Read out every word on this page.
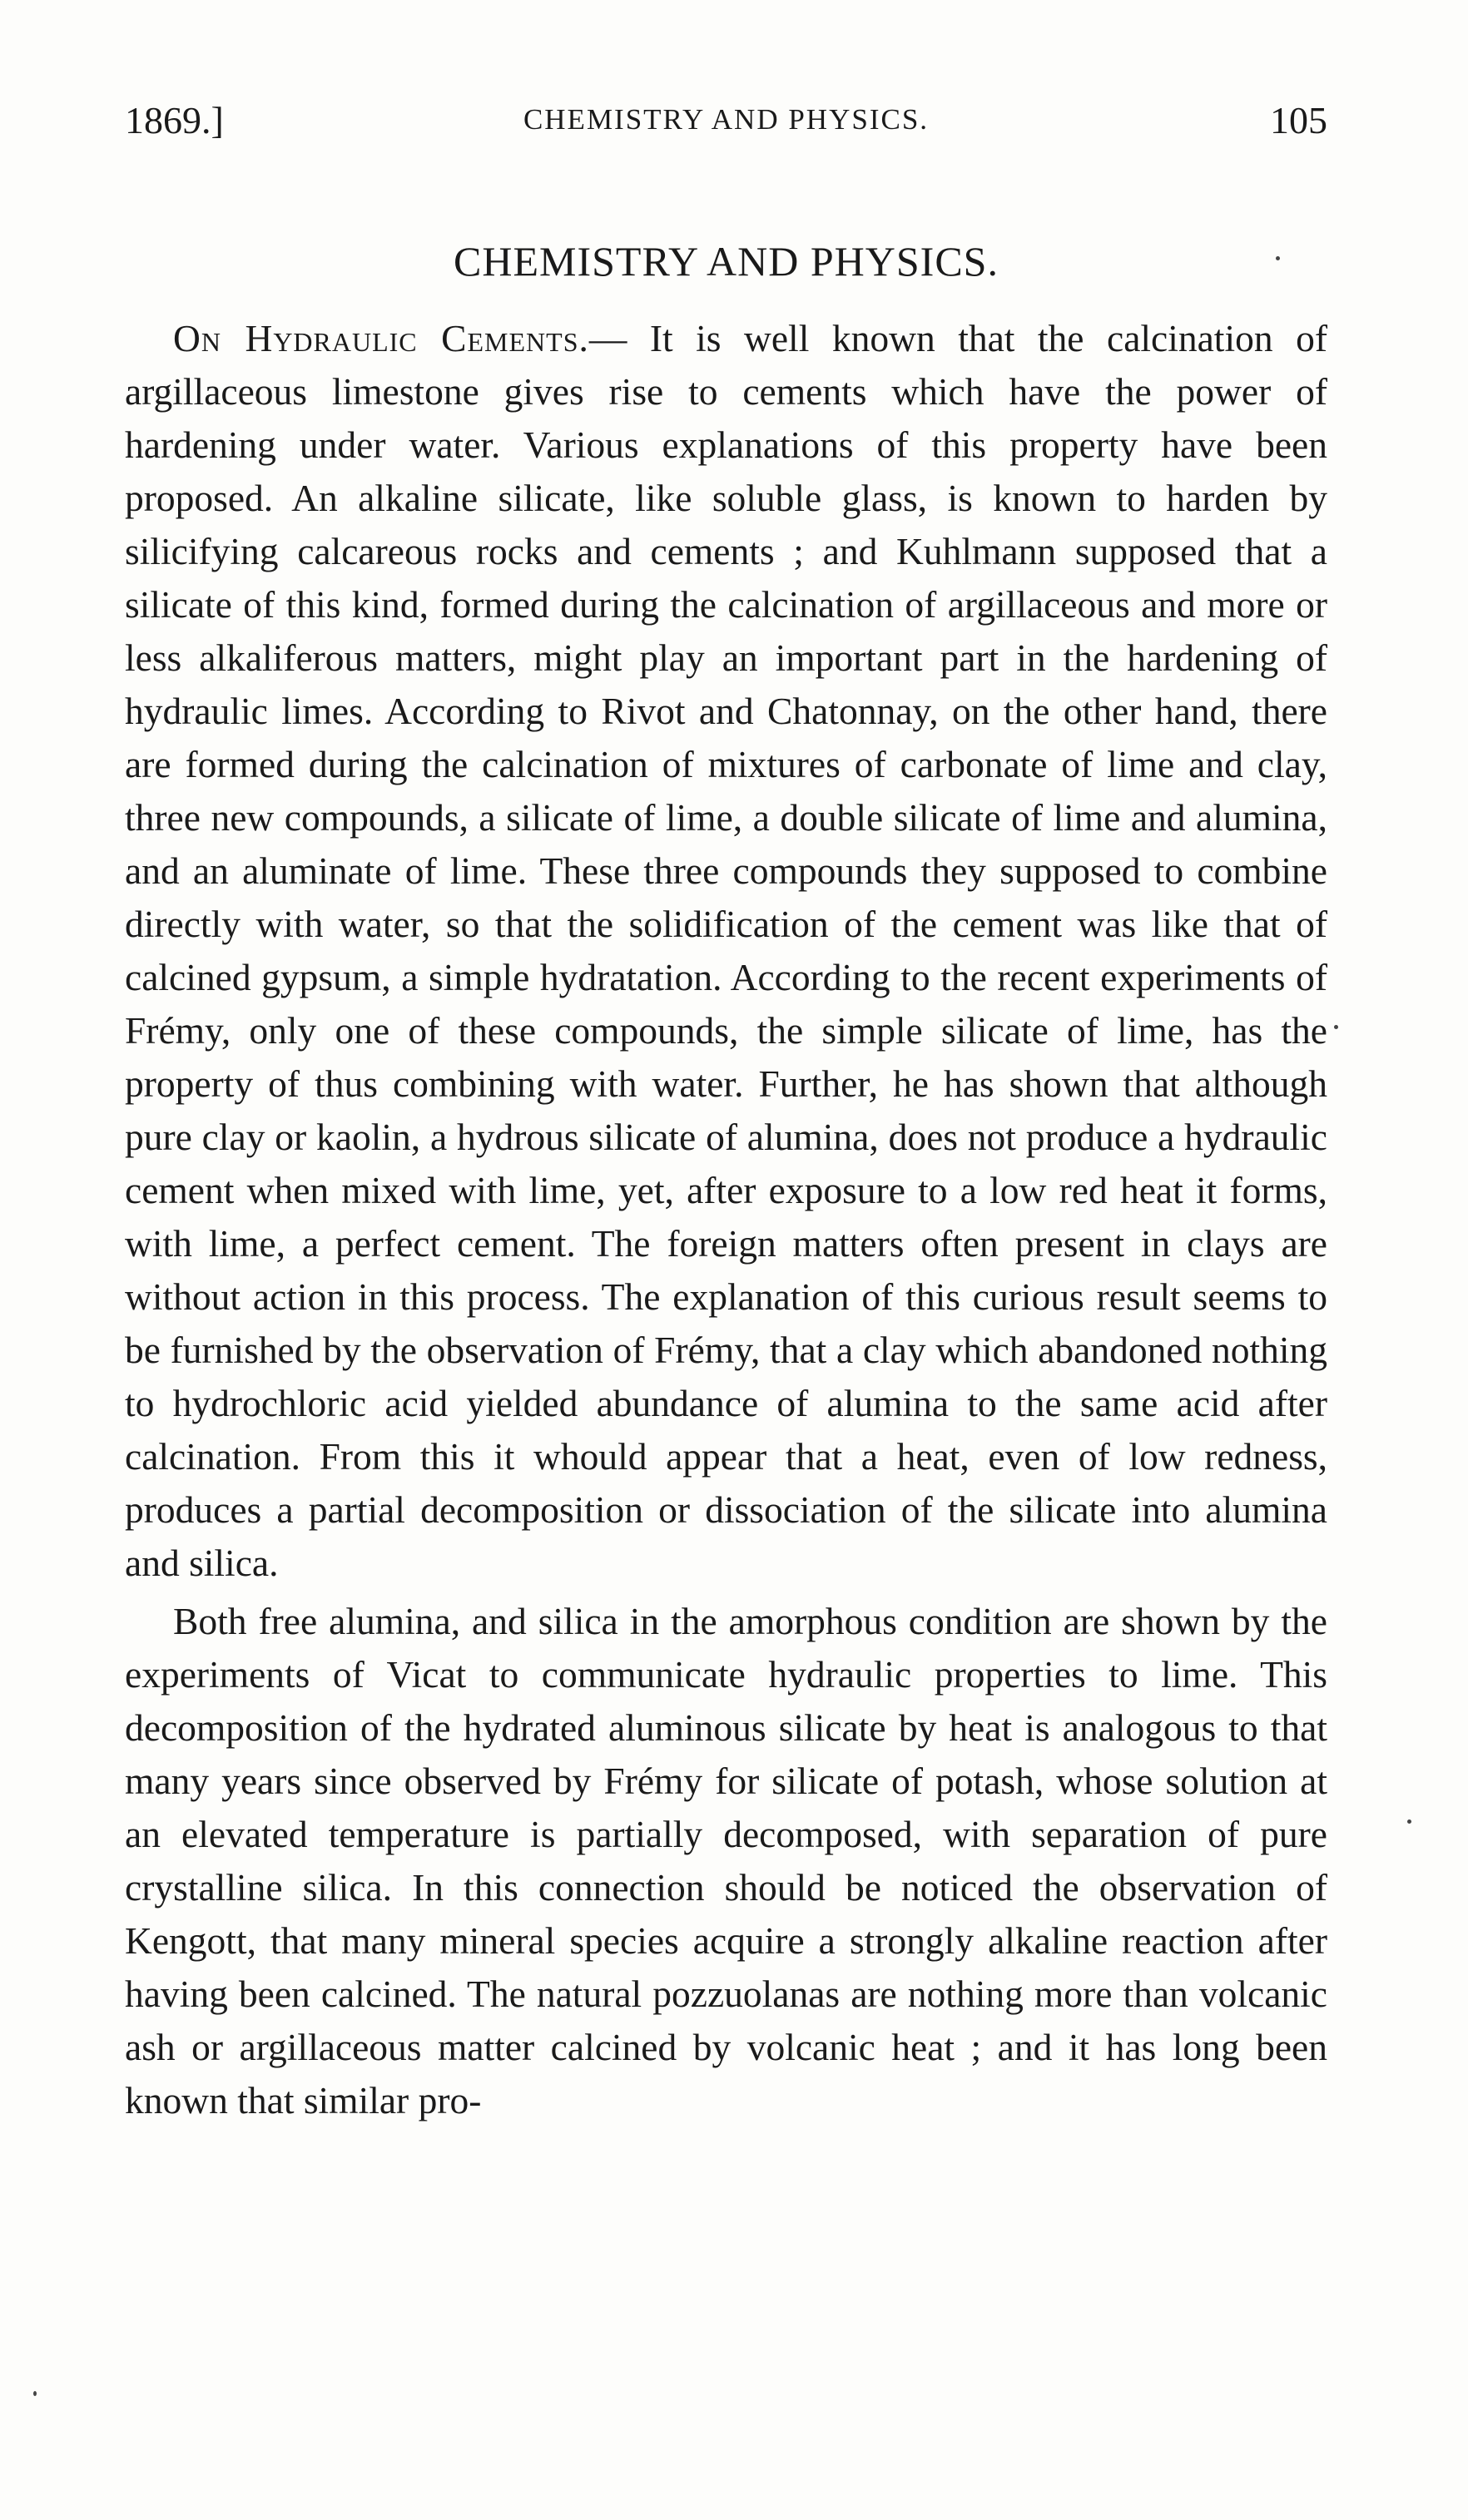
1869.]	CHEMISTRY AND PHYSICS.	105
CHEMISTRY AND PHYSICS.

On Hydraulic Cements.— It is well known that the calcination of argillaceous limestone gives rise to cements which have the power of hardening under water. Various explanations of this property have been proposed. An alkaline silicate, like soluble glass, is known to harden by silicifying calcareous rocks and cements ; and Kuhlmann supposed that a silicate of this kind, formed during the calcination of argillaceous and more or less alkaliferous matters, might play an important part in the hardening of hydraulic limes. According to Rivot and Chatonnay, on the other hand, there are formed during the calcination of mixtures of carbonate of lime and clay, three new compounds, a silicate of lime, a double silicate of lime and alumina, and an aluminate of lime. These three compounds they supposed to combine directly with water, so that the solidification of the cement was like that of calcined gypsum, a simple hydratation. According to the recent experiments of Frémy, only one of these compounds, the simple silicate of lime, has the property of thus combining with water. Further, he has shown that although pure clay or kaolin, a hydrous silicate of alumina, does not produce a hydraulic cement when mixed with lime, yet, after exposure to a low red heat it forms, with lime, a perfect cement. The foreign matters often present in clays are without action in this process. The explanation of this curious result seems to be furnished by the observation of Frémy, that a clay which abandoned nothing to hydrochloric acid yielded abundance of alumina to the same acid after calcination. From this it whould appear that a heat, even of low redness, produces a partial decomposition or dissociation of the silicate into alumina and silica.

Both free alumina, and silica in the amorphous condition are shown by the experiments of Vicat to communicate hydraulic properties to lime. This decomposition of the hydrated aluminous silicate by heat is analogous to that many years since observed by Frémy for silicate of potash, whose solution at an elevated temperature is partially decomposed, with separation of pure crystalline silica. In this connection should be noticed the observation of Kengott, that many mineral species acquire a strongly alkaline reaction after having been calcined. The natural pozzuolanas are nothing more than volcanic ash or argillaceous matter calcined by volcanic heat ; and it has long been known that similar pro-
